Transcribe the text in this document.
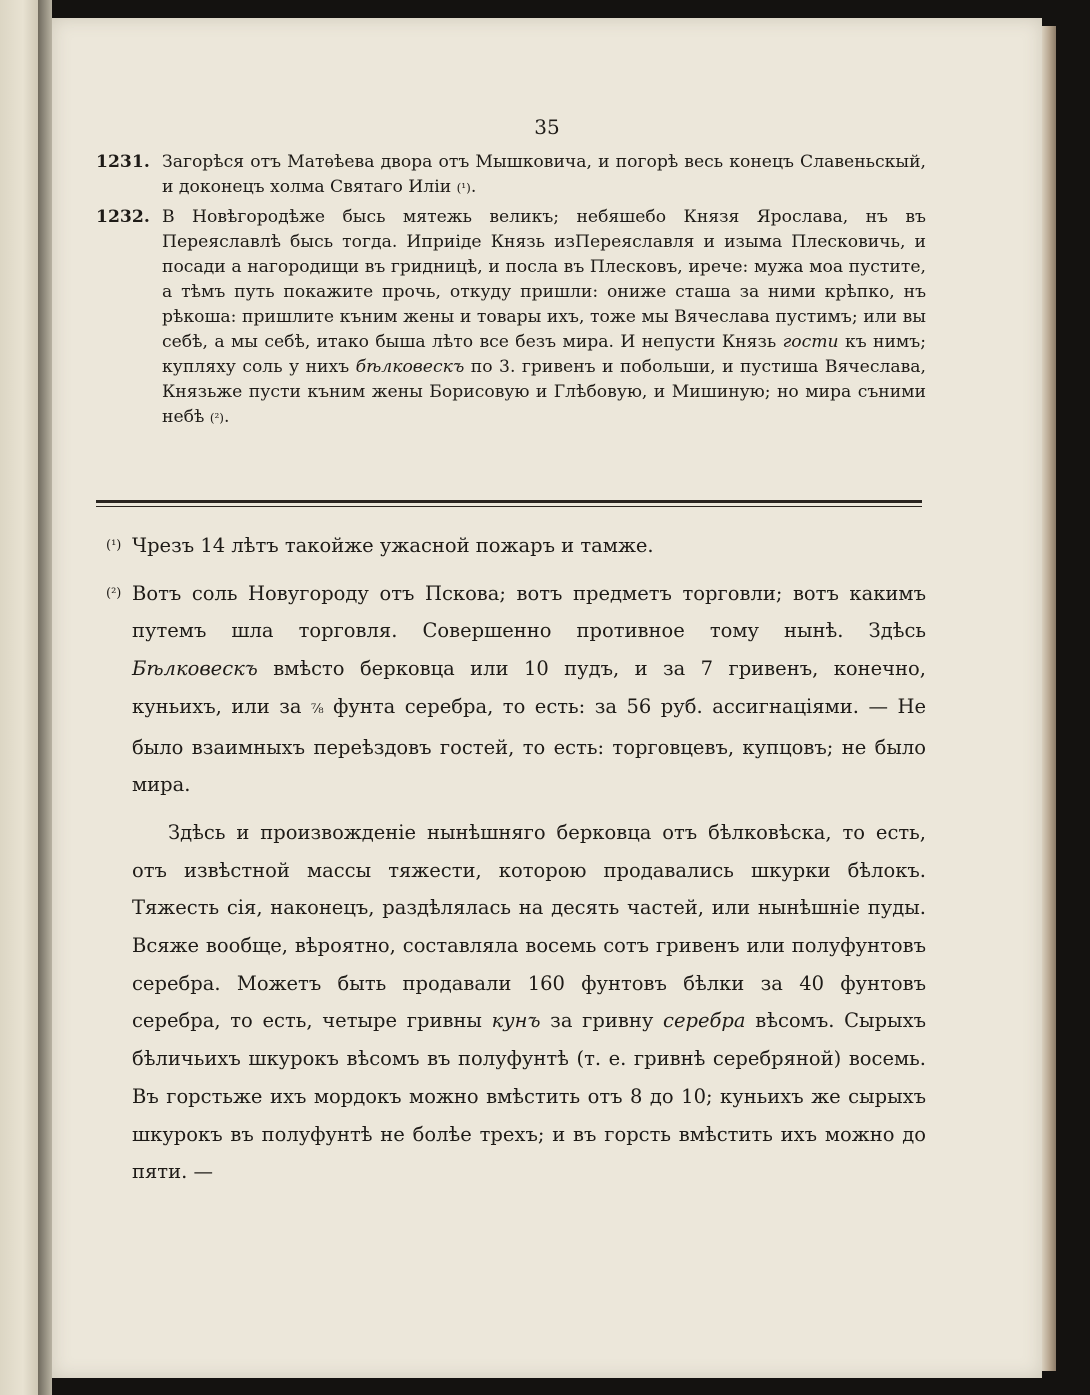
35
1231. Загорѣся отъ Матѳѣева двора отъ Мышковича, и погорѣ весь конецъ Славеньскый, и доконецъ холма Святаго Иліи (¹).
1232. В Новѣгородѣже бысь мятежь великъ; небяшебо Князя Ярослава, нъ въ Переяславлѣ бысь тогда. Иприіде Князь изПереяславля и изыма Плесковичь, и посади а нагородищи въ гридницѣ, и посла въ Плесковъ, ирече: мужа моа пустите, а тѣмъ путь покажите прочь, откуду пришли: ониже сташа за ними крѣпко, нъ рѣкоша: пришлите къним жены и товары ихъ, тоже мы Вячеслава пустимъ; или вы себѣ, а мы себѣ, итако быша лѣто все безъ мира. И непусти Князь гости къ нимъ; купляху соль у нихъ бѣлковескъ по 3. гривенъ и побольши, и пустиша Вячеслава, Князьже пусти къним жены Борисовую и Глѣбовую, и Мишиную; но мира съними небѣ (²).
(¹) Чрезъ 14 лѣтъ такойже ужасной пожаръ и тамже.
(²) Вотъ соль Новугороду отъ Пскова; вотъ предметъ торговли; вотъ какимъ путемъ шла торговля. Совершенно противное тому нынѣ. Здѣсь Бѣлковескъ вмѣсто берковца или 10 пудъ, и за 7 гривенъ, конечно, куньихъ, или за ⁷⁄₈ фунта серебра, то есть: за 56 руб. ассигнаціями. — Не было взаимныхъ переѣздовъ гостей, то есть: торговцевъ, купцовъ; не было мира.
Здѣсь и произвожденіе нынѣшняго берковца отъ бѣлковѣска, то есть, отъ извѣстной массы тяжести, которою продавались шкурки бѣлокъ. Тяжесть сія, наконецъ, раздѣлялась на десять частей, или нынѣшніе пуды. Всяже вообще, вѣроятно, составляла восемь сотъ гривенъ или полуфунтовъ серебра. Можетъ быть продавали 160 фунтовъ бѣлки за 40 фунтовъ серебра, то есть, четыре гривны кунъ за гривну серебра вѣсомъ. Сырыхъ бѣличьихъ шкурокъ вѣсомъ въ полуфунтѣ (т. е. гривнѣ серебряной) восемь. Въ горстьже ихъ мордокъ можно вмѣстить отъ 8 до 10; куньихъ же сырыхъ шкурокъ въ полуфунтѣ не болѣе трехъ; и въ горсть вмѣстить ихъ можно до пяти. —
